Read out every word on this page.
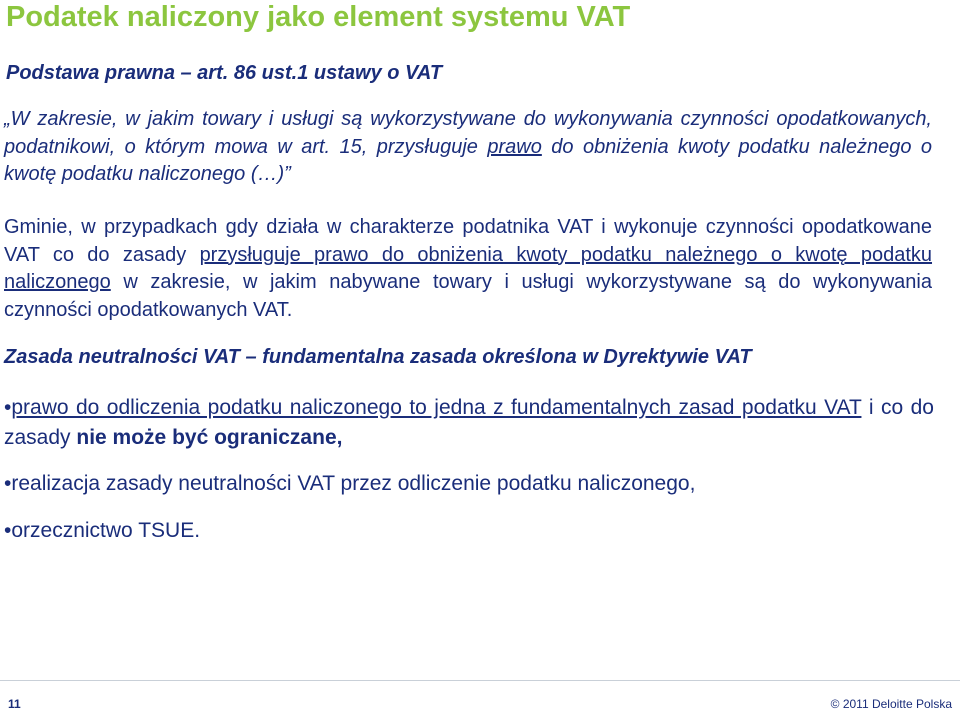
Podatek naliczony jako element systemu VAT
Podstawa prawna – art. 86 ust.1 ustawy o VAT
„W zakresie, w jakim towary i usługi są wykorzystywane do wykonywania czynności opodatkowanych, podatnikowi, o którym mowa w art. 15, przysługuje prawo do obniżenia kwoty podatku należnego o kwotę podatku naliczonego (…)”
Gminie, w przypadkach gdy działa w charakterze podatnika VAT i wykonuje czynności opodatkowane VAT co do zasady przysługuje prawo do obniżenia kwoty podatku należnego o kwotę podatku naliczonego w zakresie, w jakim nabywane towary i usługi wykorzystywane są do wykonywania czynności opodatkowanych VAT.
Zasada neutralności VAT – fundamentalna zasada określona w Dyrektywie VAT
•prawo do odliczenia podatku naliczonego to jedna z fundamentalnych zasad podatku VAT i co do zasady nie może być ograniczane,
•realizacja zasady neutralności VAT przez odliczenie podatku naliczonego,
•orzecznictwo TSUE.
11	© 2011 Deloitte Polska
